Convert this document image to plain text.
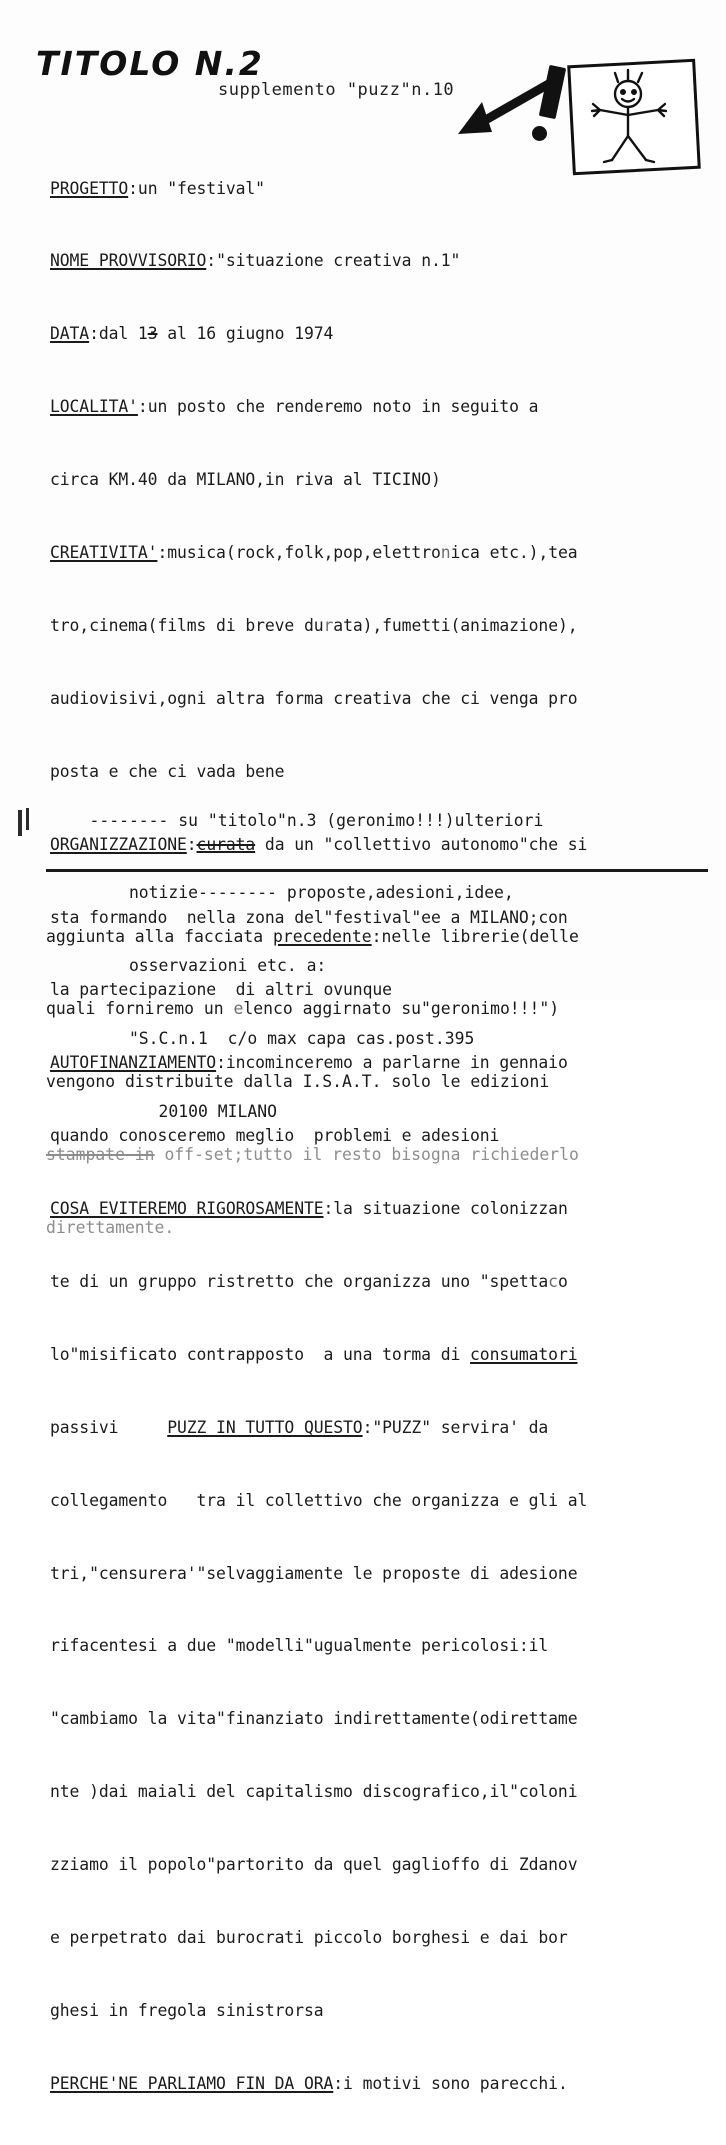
TITOLO N.2
supplemento "puzz"n.10

PROGETTO:un "festival"

NOME PROVVISORIO:"situazione creativa n.1"

DATA:dal 13 al 16 giugno 1974

LOCALITA':un posto che renderemo noto in seguito a

circa KM.40 da MILANO,in riva al TICINO)

CREATIVITA':musica(rock,folk,pop,elettronica etc.),tea

tro,cinema(films di breve durata),fumetti(animazione),

audiovisivi,ogni altra forma creativa che ci venga pro

posta e che ci vada bene

ORGANIZZAZIONE:curata da un "collettivo autonomo"che si

sta formando  nella zona del"festival"ee a MILANO;con

la partecipazione  di altri ovunque

AUTOFINANZIAMENTO:incominceremo a parlarne in gennaio

quando conosceremo meglio  problemi e adesioni

COSA EVITEREMO RIGOROSAMENTE:la situazione colonizzan

te di un gruppo ristretto che organizza uno "spettaco

lo"misificato contrapposto  a una torma di consumatori

passivi     PUZZ IN TUTTO QUESTO:"PUZZ" servira' da

collegamento   tra il collettivo che organizza e gli al

tri,"censurera'"selvaggiamente le proposte di adesione

rifacentesi a due "modelli"ugualmente pericolosi:il

"cambiamo la vita"finanziato indirettamente(odirettame

nte )dai maiali del capitalismo discografico,il"coloni

zziamo il popolo"partorito da quel gaglioffo di Zdanov

e perpetrato dai burocrati piccolo borghesi e dai bor

ghesi in fregola sinistrorsa

PERCHE'NE PARLIAMO FIN DA ORA:i motivi sono parecchi.

-------- su "titolo"n.3 (geronimo!!!)ulteriori

notizie-------- proposte,adesioni,idee,

osservazioni etc. a:

"S.C.n.1  c/o max capa cas.post.395

20100 MILANO

aggiunta alla facciata precedente:nelle librerie(delle

quali forniremo un elenco aggirnato su"geronimo!!!")

vengono distribuite dalla I.S.A.T. solo le edizioni

stampate in off-set;tutto il resto bisogna richiederlo

direttamente.
